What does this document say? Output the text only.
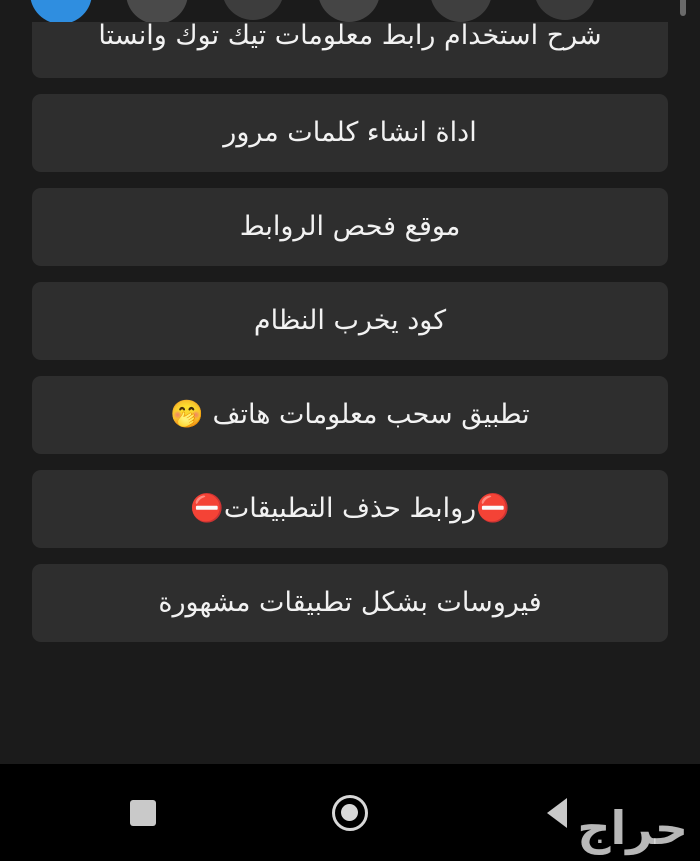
شرح استخدام رابط معلومات تيك توك وانستا
اداة انشاء كلمات مرور
موقع فحص الروابط
كود يخرب النظام
تطبيق سحب معلومات هاتف 🤭
⛔روابط حذف التطبيقات⛔
فيروسات بشكل تطبيقات مشهورة
حراج
